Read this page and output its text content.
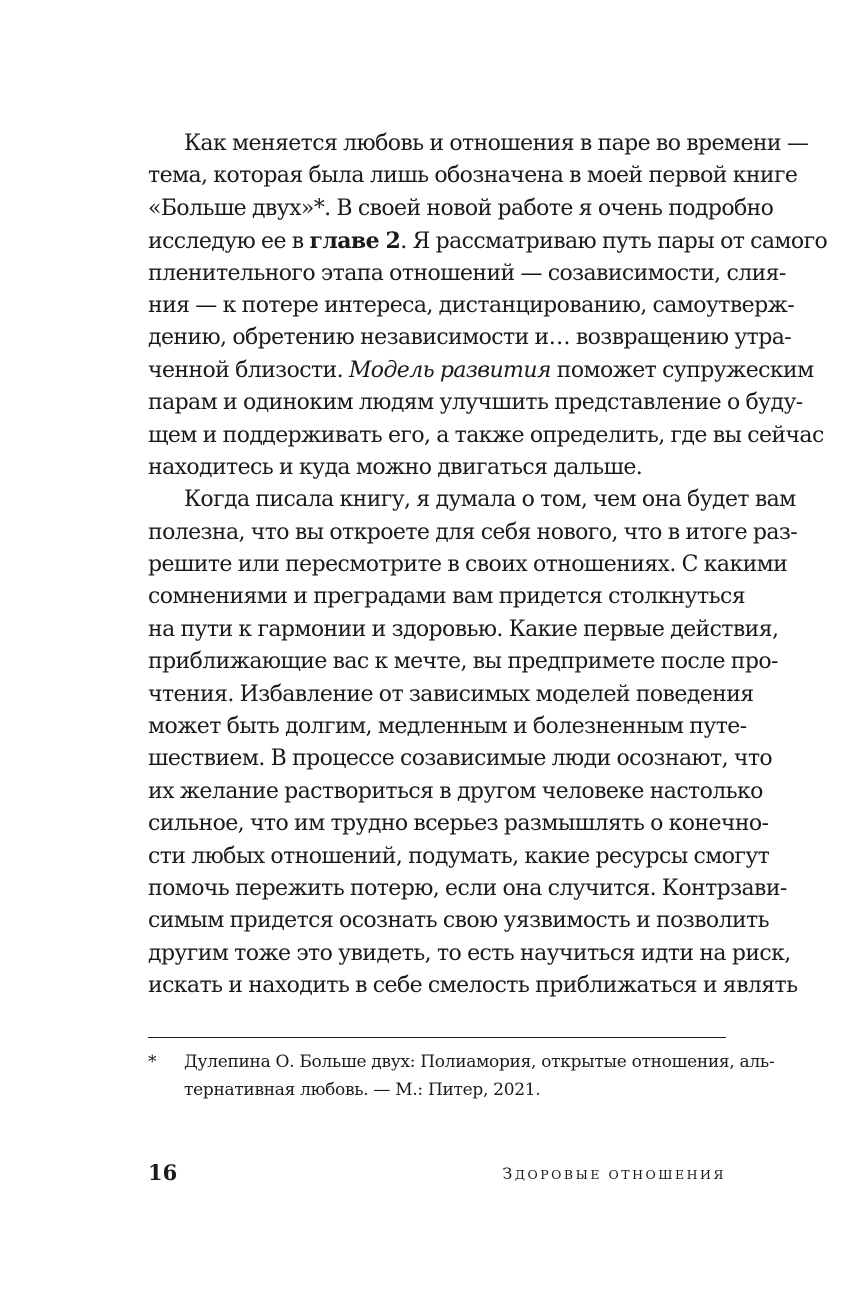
Как меняется любовь и отношения в паре во времени —
тема, которая была лишь обозначена в моей первой книге
«Больше двух»*. В своей новой работе я очень подробно
исследую ее в главе 2. Я рассматриваю путь пары от самого
пленительного этапа отношений — созависимости, слия-
ния — к потере интереса, дистанцированию, самоутверж-
дению, обретению независимости и… возвращению утра-
ченной близости. Модель развития поможет супружеским
парам и одиноким людям улучшить представление о буду-
щем и поддерживать его, а также определить, где вы сейчас
находитесь и куда можно двигаться дальше.
Когда писала книгу, я думала о том, чем она будет вам
полезна, что вы откроете для себя нового, что в итоге раз-
решите или пересмотрите в своих отношениях. С какими
сомнениями и преградами вам придется столкнуться
на пути к гармонии и здоровью. Какие первые действия,
приближающие вас к мечте, вы предпримете после про-
чтения. Избавление от зависимых моделей поведения
может быть долгим, медленным и болезненным путе-
шествием. В процессе созависимые люди осознают, что
их желание раствориться в другом человеке настолько
сильное, что им трудно всерьез размышлять о конечно-
сти любых отношений, подумать, какие ресурсы смогут
помочь пережить потерю, если она случится. Контрзави-
симым придется осознать свою уязвимость и позволить
другим тоже это увидеть, то есть научиться идти на риск,
искать и находить в себе смелость приближаться и являть
*	Дулепина О. Больше двух: Полиамория, открытые отношения, аль-
тернативная любовь. — М.: Питер, 2021.
16	ЗДОРОВЫЕ ОТНОШЕНИЯ
